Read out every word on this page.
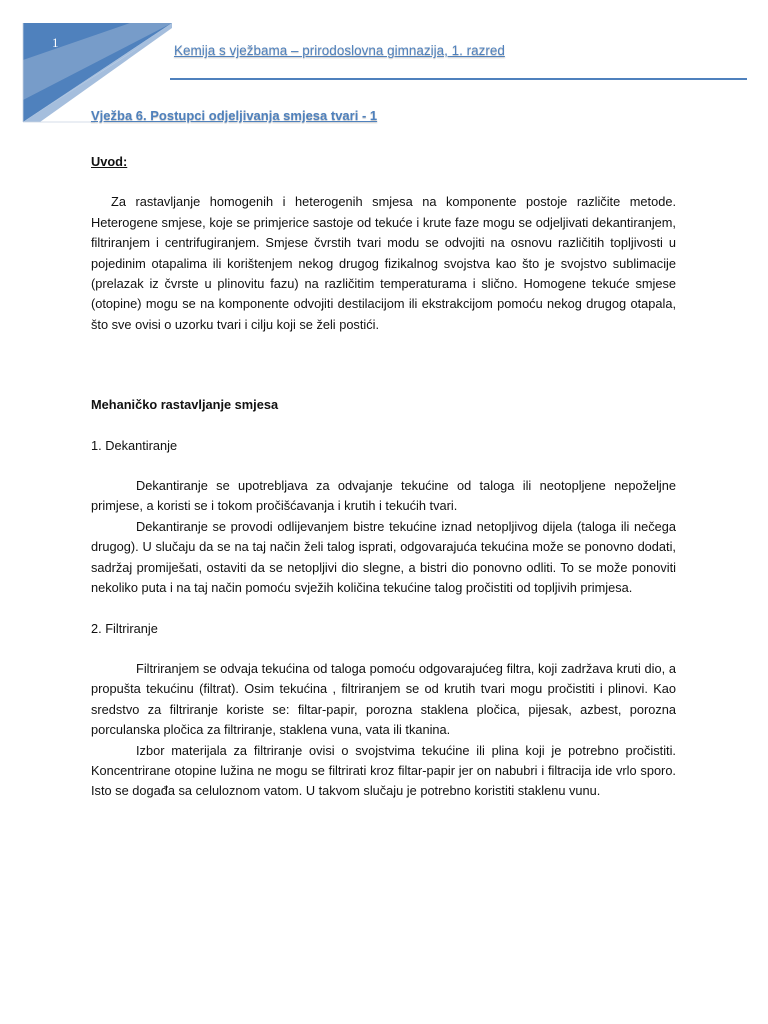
1
Kemija s vježbama – prirodoslovna gimnazija, 1. razred
Vježba 6. Postupci odjeljivanja smjesa tvari - 1

Uvod:

Za rastavljanje homogenih i heterogenih smjesa na komponente postoje različite metode. Heterogene smjese, koje se primjerice sastoje od tekuće i krute faze mogu se odjeljivati dekantiranjem, filtriranjem i centrifugiranjem. Smjese čvrstih tvari modu se odvojiti na osnovu različitih topljivosti u pojedinim otapalima ili korištenjem nekog drugog fizikalnog svojstva kao što je svojstvo sublimacije (prelazak iz čvrste u plinovitu fazu) na različitim temperaturama i slično. Homogene tekuće smjese (otopine) mogu se na komponente odvojiti destilacijom ili ekstrakcijom pomoću nekog drugog otapala, što sve ovisi o uzorku tvari i cilju koji se želi postići.

Mehaničko rastavljanje smjesa

1. Dekantiranje

Dekantiranje se upotrebljava za odvajanje tekućine od taloga ili neotopljene nepoželjne primjese, a koristi se i tokom pročišćavanja i krutih i tekućih tvari.

Dekantiranje se provodi odlijevanjem bistre tekućine iznad netopljivog dijela (taloga ili nečega drugog). U slučaju da se na taj način želi talog isprati, odgovarajuća tekućina može se ponovno dodati, sadržaj promiješati, ostaviti da se netopljivi dio slegne, a bistri dio ponovno odliti. To se može ponoviti nekoliko puta i na taj način pomoću svježih količina tekućine talog pročistiti od topljivih primjesa.

2. Filtriranje

Filtriranjem se odvaja tekućina od taloga pomoću odgovarajućeg filtra, koji zadržava kruti dio, a propušta tekućinu (filtrat). Osim tekućina , filtriranjem se od krutih tvari mogu pročistiti i plinovi. Kao sredstvo za filtriranje koriste se: filtar-papir, porozna staklena pločica, pijesak, azbest, porozna porculanska pločica za filtriranje, staklena vuna, vata ili tkanina.

Izbor materijala za filtriranje ovisi o svojstvima tekućine ili plina koji je potrebno pročistiti. Koncentrirane otopine lužina ne mogu se filtrirati kroz filtar-papir jer on nabubri i filtracija ide vrlo sporo. Isto se događa sa celuloznom vatom. U takvom slučaju je potrebno koristiti staklenu vunu.
